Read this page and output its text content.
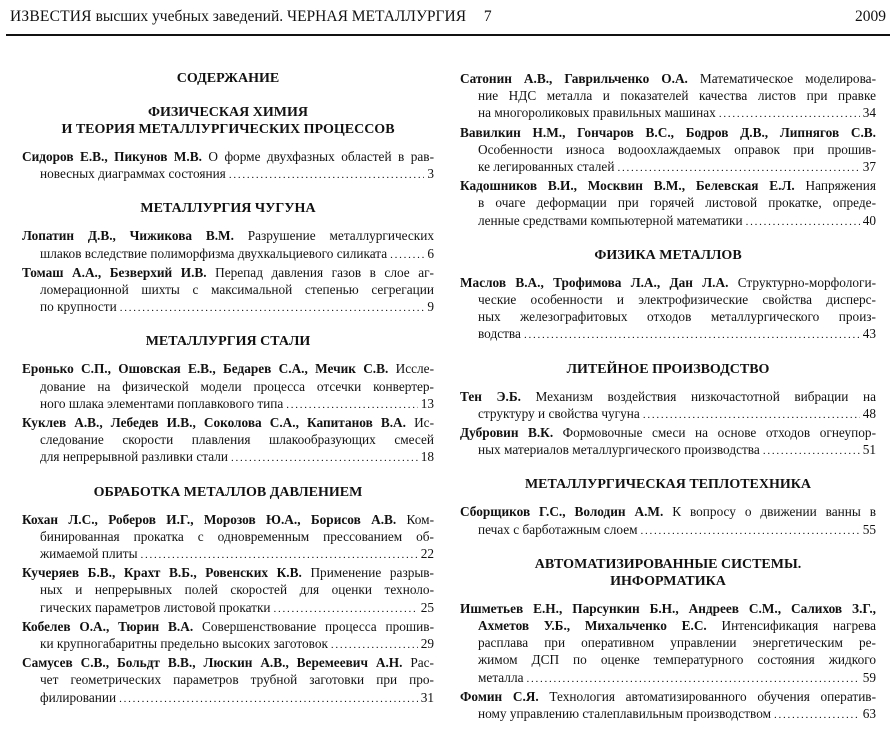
ИЗВЕСТИЯ высших учебных заведений. ЧЕРНАЯ МЕТАЛЛУРГИЯ 7	2009

СОДЕРЖАНИЕ

ФИЗИЧЕСКАЯ ХИМИЯ
И ТЕОРИЯ МЕТАЛЛУРГИЧЕСКИХ ПРОЦЕССОВ

Сидоров Е.В., Пикунов М.В. О форме двухфазных областей в рав-
новесных диаграммах состояния . . .	3

МЕТАЛЛУРГИЯ ЧУГУНА

Лопатин Д.В., Чижикова В.М. Разрушение металлургических
шлаков вследствие полиморфизма двухкальциевого силиката . . .	6
Томаш А.А., Безверхий И.В. Перепад давления газов в слое аг-
ломерационной шихты с максимальной степенью сегрегации
по крупности . . .	9

МЕТАЛЛУРГИЯ СТАЛИ

Еронько С.П., Ошовская Е.В., Бедарев С.А., Мечик С.В. Иссле-
дование на физической модели процесса отсечки конвертер-
ного шлака элементами поплавкового типа . . .	13
Куклев А.В., Лебедев И.В., Соколова С.А., Капитанов В.А. Ис-
следование скорости плавления шлакообразующих смесей
для непрерывной разливки стали . . .	18

ОБРАБОТКА МЕТАЛЛОВ ДАВЛЕНИЕМ

Кохан Л.С., Роберов И.Г., Морозов Ю.А., Борисов А.В. Ком-
бинированная прокатка с одновременным прессованием об-
жимаемой плиты . . .	22
Кучеряев Б.В., Крахт В.Б., Ровенских К.В. Применение разрыв-
ных и непрерывных полей скоростей для оценки техноло-
гических параметров листовой прокатки . . .	25
Кобелев О.А., Тюрин В.А. Совершенствование процесса прошив-
ки крупногабаритны предельно высоких заготовок . . .	29
Самусев С.В., Больдт В.В., Люскин А.В., Веремеевич А.Н. Рас-
чет геометрических параметров трубной заготовки при про-
филировании . . .	31
Сатонин А.В., Гаврильченко О.А. Математическое моделирова-
ние НДС металла и показателей качества листов при правке
на многороликовых правильных машинах . . .	34
Вавилкин Н.М., Гончаров В.С., Бодров Д.В., Липнягов С.В.
Особенности износа водоохлаждаемых оправок при прошив-
ке легированных сталей . . .	37
Кадошников В.И., Москвин В.М., Белевская Е.Л. Напряжения
в очаге деформации при горячей листовой прокатке, опреде-
ленные средствами компьютерной математики . . .	40

ФИЗИКА МЕТАЛЛОВ

Маслов В.А., Трофимова Л.А., Дан Л.А. Структурно-морфологи-
ческие особенности и электрофизические свойства дисперс-
ных железографитовых отходов металлургического произ-
водства . . .	43

ЛИТЕЙНОЕ ПРОИЗВОДСТВО

Тен Э.Б. Механизм воздействия низкочастотной вибрации на
структуру и свойства чугуна . . .	48
Дубровин В.К. Формовочные смеси на основе отходов огнеупор-
ных материалов металлургического производства . . .	51

МЕТАЛЛУРГИЧЕСКАЯ ТЕПЛОТЕХНИКА

Сборщиков Г.С., Володин А.М. К вопросу о движении ванны в
печах с барботажным слоем . . .	55

АВТОМАТИЗИРОВАННЫЕ СИСТЕМЫ.
ИНФОРМАТИКА

Ишметьев Е.Н., Парсункин Б.Н., Андреев С.М., Салихов З.Г.,
Ахметов У.Б., Михальченко Е.С. Интенсификация нагрева
расплава при оперативном управлении энергетическим ре-
жимом ДСП по оценке температурного состояния жидкого
металла . . .	59
Фомин С.Я. Технология автоматизированного обучения оператив-
ному управлению сталеплавильным производством . . .	63
